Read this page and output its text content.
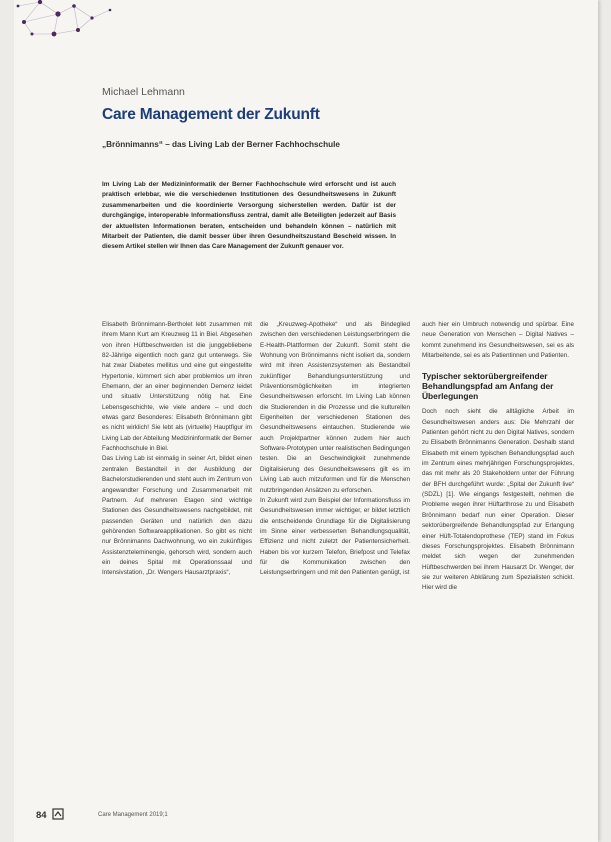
Michael Lehmann
Care Management der Zukunft
„Brönnimanns“ – das Living Lab der Berner Fachhochschule
Im Living Lab der Medizininformatik der Berner Fachhochschule wird erforscht und ist auch praktisch erlebbar, wie die verschiedenen Institutionen des Gesundheitswesens in Zukunft zusammenarbeiten und die koordinierte Versorgung sicherstellen werden. Dafür ist der durchgängige, interoperable Informationsfluss zentral, damit alle Beteiligten jederzeit auf Basis der aktuellsten Informationen beraten, entscheiden und behandeln können – natürlich mit Mitarbeit der Patienten, die damit besser über ihren Gesundheitszustand Bescheid wissen. In diesem Artikel stellen wir Ihnen das Care Management der Zukunft genauer vor.

Elisabeth Brönnimann-Bertholet lebt zusammen mit ihrem Mann Kurt am Kreuzweg 11 in Biel. Abgesehen von ihren Hüftbeschwerden ist die junggebliebene 82-Jährige eigentlich noch ganz gut unterwegs. Sie hat zwar Diabetes mellitus und eine gut eingestellte Hypertonie, kümmert sich aber problemlos um ihren Ehemann, der an einer beginnenden Demenz leidet und situativ Unterstützung nötig hat. Eine Lebensgeschichte, wie viele andere – und doch etwas ganz Besonderes: Elisabeth Brönnimann gibt es nicht wirklich! Sie lebt als (virtuelle) Hauptfigur im Living Lab der Abteilung Medizininformatik der Berner Fachhochschule in Biel.

Das Living Lab ist einmalig in seiner Art, bildet einen zentralen Bestandteil in der Ausbildung der Bachelorstudierenden und steht auch im Zentrum von angewandter Forschung und Zusammenarbeit mit Partnern. Auf mehreren Etagen sind wichtige Stationen des Gesundheitswesens nachgebildet, mit passenden Geräten und natürlich den dazu gehörenden Softwareapplikationen. So gibt es nicht nur Brönnimanns Dachwohnung, wo ein zukünftiges Assistenzteleminengie, gehorsch wird, sondern auch ein deines Spital mit Operationssaal und Intensivstation, „Dr. Wengers Hausarztpraxis“,

die „Kreuzweg-Apotheke“ und als Bindeglied zwischen den verschiedenen Leistungserbringern die E-Health-Plattformen der Zukunft. Somit steht die Wohnung von Brönnimanns nicht isoliert da, sondern wird mit ihren Assistenzsystemen als Bestandteil zukünftiger Behandlungsunterstützung und Präventionsmöglichkeiten im integrierten Gesundheitswesen erforscht. Im Living Lab können die Studierenden in die Prozesse und die kulturellen Eigenheiten der verschiedenen Stationen des Gesundheitswesens eintauchen. Studierende wie auch Projektpartner können zudem hier auch Software-Prototypen unter realistischen Bedingungen testen. Die an Geschwindigkeit zunehmende Digitalisierung des Gesundheitswesens gilt es im Living Lab auch mitzuformen und für die Menschen nutzbringenden Ansätzen zu erforschen.

In Zukunft wird zum Beispiel der Informationsfluss im Gesundheitswesen immer wichtiger, er bildet letztlich die entscheidende Grundlage für die Digitalisierung im Sinne einer verbesserten Behandlungsqualität, Effizienz und nicht zuletzt der Patientensicherheit. Haben bis vor kurzem Telefon, Briefpost und Telefax für die Kommunikation zwischen den Leistungserbringern und mit den Patienten genügt, ist

auch hier ein Umbruch notwendig und spürbar. Eine neue Generation von Menschen – Digital Natives – kommt zunehmend ins Gesundheitswesen, sei es als Mitarbeitende, sei es als Patientinnen und Patienten.

Typischer sektorübergreifender Behandlungspfad am Anfang der Überlegungen

Doch noch sieht die alltägliche Arbeit im Gesundheitswesen anders aus: Die Mehrzahl der Patienten gehört nicht zu den Digital Natives, sondern zu Elisabeth Brönnimanns Generation. Deshalb stand Elisabeth mit einem typischen Behandlungspfad auch im Zentrum eines mehrjährigen Forschungsprojektes, das mit mehr als 20 Stakeholdern unter der Führung der BFH durchgeführt wurde: „Spital der Zukunft live“ (SDZL) [1]. Wie eingangs festgestellt, nehmen die Probleme wegen ihrer Hüftarthrose zu und Elisabeth Brönnimann bedarf nun einer Operation. Dieser sektorübergreifende Behandlungspfad zur Erlangung einer Hüft-Totalendoprothese (TEP) stand im Fokus dieses Forschungsprojektes. Elisabeth Brönnimann meldet sich wegen der zunehmenden Hüftbeschwerden bei ihrem Hausarzt Dr. Wenger, der sie zur weiteren Abklärung zum Spezialisten schickt. Hier wird die

84	Care Management 2019;1
